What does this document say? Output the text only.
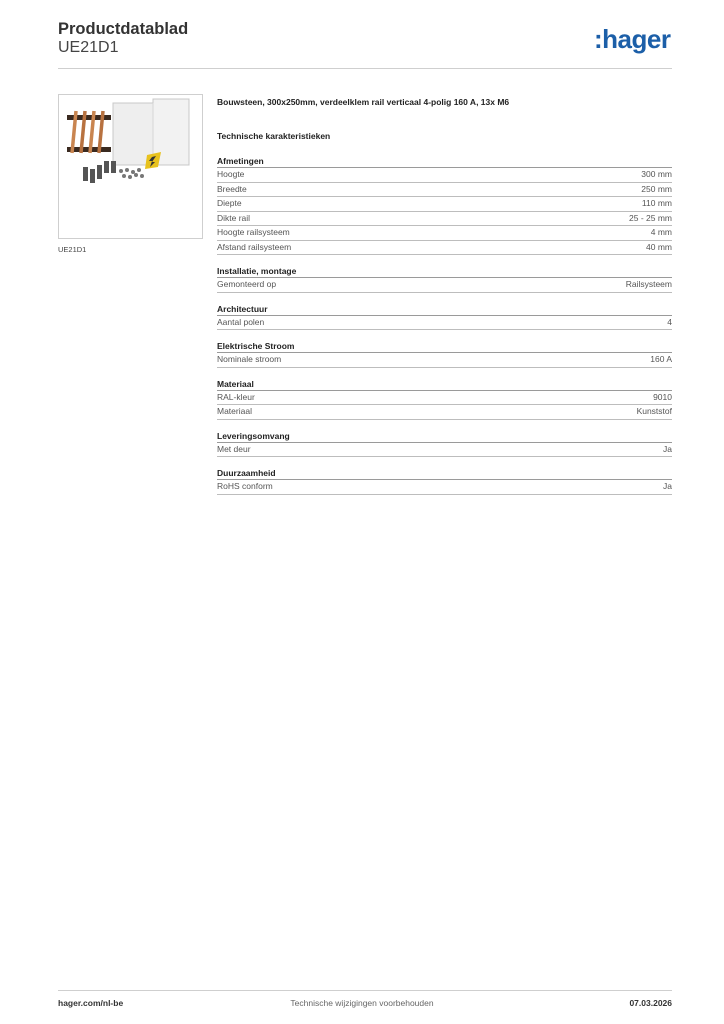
Productdatablad
UE21D1	:hager
UE21D1
Bouwsteen, 300x250mm, verdeelklem rail verticaal 4-polig 160 A, 13x M6
Technische karakteristieken
Afmetingen
Hoogte	300 mm
Breedte	250 mm
Diepte	110 mm
Dikte rail	25 - 25 mm
Hoogte railsysteem	4 mm
Afstand railsysteem	40 mm
Installatie, montage
Gemonteerd op	Railsysteem
Architectuur
Aantal polen	4
Elektrische Stroom
Nominale stroom	160 A
Materiaal
RAL-kleur	9010
Materiaal	Kunststof
Leveringsomvang
Met deur	Ja
Duurzaamheid
RoHS conform	Ja
hager.com/nl-be	Technische wijzigingen voorbehouden	07.03.2026
